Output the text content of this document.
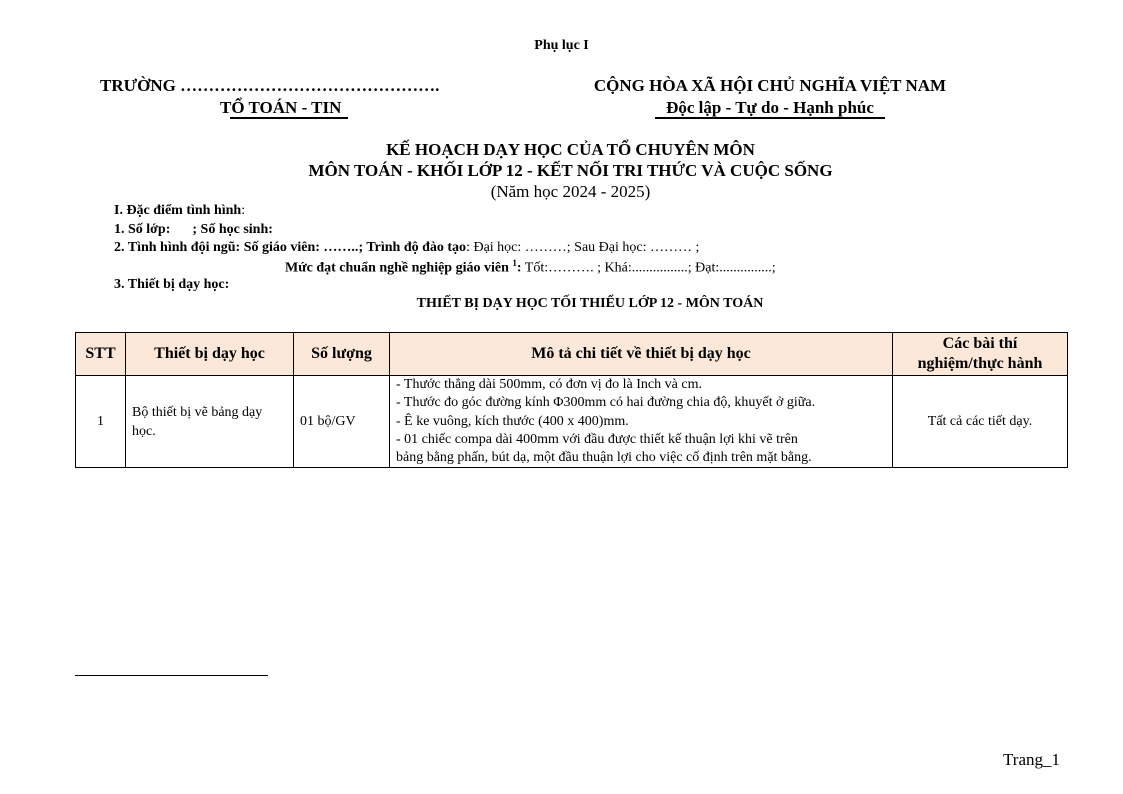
Phụ lục I
TRƯỜNG ……………………………………….
TỔ TOÁN - TIN
CỘNG HÒA XÃ HỘI CHỦ NGHĨA VIỆT NAM
Độc lập - Tự do - Hạnh phúc
KẾ HOẠCH DẠY HỌC CỦA TỔ CHUYÊN MÔN
MÔN TOÁN - KHỐI LỚP 12 - KẾT NỐI TRI THỨC VÀ CUỘC SỐNG
(Năm học 2024 - 2025)
I. Đặc điểm tình hình:
1. Số lớp: ; Số học sinh:
2. Tình hình đội ngũ: Số giáo viên: ……..; Trình độ đào tạo: Đại học: ………; Sau Đại học: ……… ;
Mức đạt chuẩn nghề nghiệp giáo viên $^1$: Tốt:………. ; Khá:................; Đạt:...............;
3. Thiết bị dạy học:
THIẾT BỊ DẠY HỌC TỐI THIỂU LỚP 12 - MÔN TOÁN
STT	Thiết bị dạy học	Số lượng	Mô tả chi tiết về thiết bị dạy học	Các bài thí
nghiệm/thực hành
1	Bộ thiết bị vẽ bảng dạy học.	01 bộ/GV	- Thước thẳng dài 500mm, có đơn vị đo là Inch và cm.
- Thước đo góc đường kính Φ300mm có hai đường chia độ, khuyết ở giữa.
- Ê ke vuông, kích thước (400 x 400)mm.
- 01 chiếc compa dài 400mm với đầu được thiết kế thuận lợi khi vẽ trên
bảng bằng phấn, bút dạ, một đầu thuận lợi cho việc cố định trên mặt bằng.	Tất cả các tiết dạy.
Trang_1
